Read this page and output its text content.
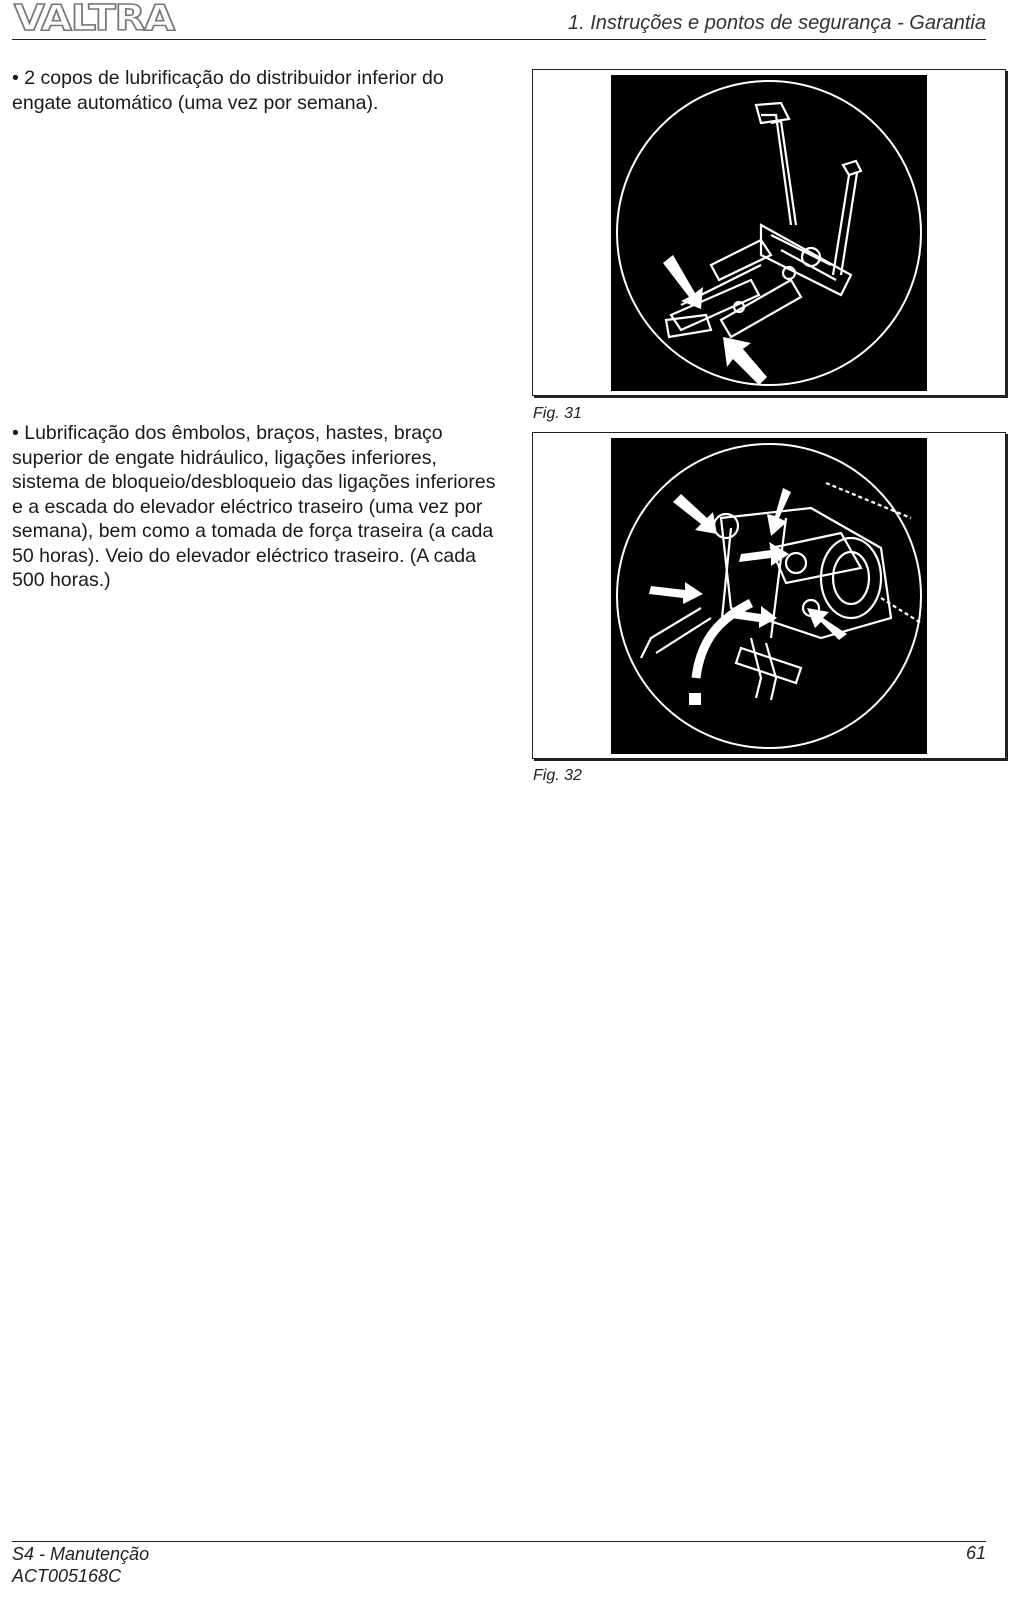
VALTRA	1. Instruções e pontos de segurança - Garantia
• 2 copos de lubrificação do distribuidor inferior do engate automático (uma vez por semana).
• Lubrificação dos êmbolos, braços, hastes, braço superior de engate hidráulico, ligações inferiores, sistema de bloqueio/desbloqueio das ligações inferiores e a escada do elevador eléctrico traseiro (uma vez por semana), bem como a tomada de força traseira (a cada 50 horas). Veio do elevador eléctrico traseiro. (A cada 500 horas.)
Fig. 31
Fig. 32
S4 - Manutenção
ACT005168C
61
